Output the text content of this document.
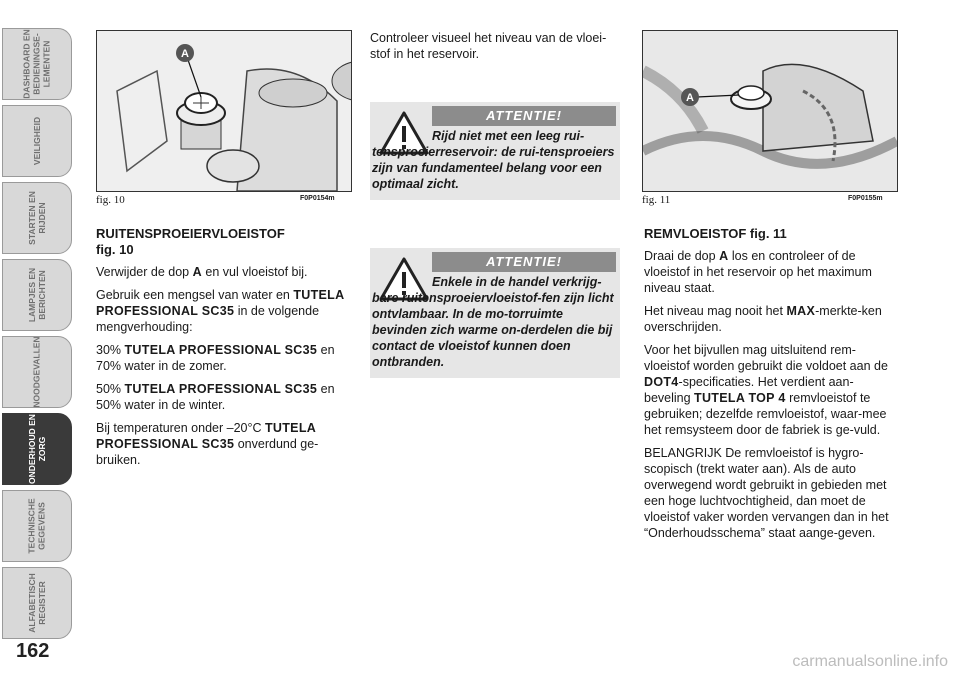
DASHBOARD EN
BEDIENINGSE-
LEMENTEN
VEILIGHEID
STARTEN EN
RIJDEN
LAMPJES EN
BERICHTEN
NOODGEVALLEN
ONDERHOUD EN
ZORG
TECHNISCHE
GEGEVENS
ALFABETISCH
REGISTER
162
A
fig. 10	F0P0154m
A
fig. 11	F0P0155m
RUITENSPROEIERVLOEISTOF
fig. 10

Verwijder de dop A en vul vloeistof bij.

Gebruik een mengsel van water en TUTELA PROFESSIONAL SC35 in de volgende mengverhouding:

30% TUTELA PROFESSIONAL SC35 en 70% water in de zomer.

50% TUTELA PROFESSIONAL SC35 en 50% water in de winter.

Bij temperaturen onder –20°C TUTELA PROFESSIONAL SC35 onverdund ge-bruiken.

Controleer visueel het niveau van de vloei-stof in het reservoir.
ATTENTIE!
Rijd niet met een leeg rui-tensproeierreservoir: de rui-tensproeiers zijn van fundamenteel belang voor een optimaal zicht.
ATTENTIE!
Enkele in de handel verkrijg-bare ruitensproeiervloeistof-fen zijn licht ontvlambaar. In de mo-torruimte bevinden zich warme on-derdelen die bij contact de vloeistof kunnen doen ontbranden.
REMVLOEISTOF fig. 11

Draai de dop A los en controleer of de vloeistof in het reservoir op het maximum niveau staat.

Het niveau mag nooit het MAX-merkte-ken overschrijden.

Voor het bijvullen mag uitsluitend rem-vloeistof worden gebruikt die voldoet aan de DOT4-specificaties. Het verdient aan-beveling TUTELA TOP 4 remvloeistof te gebruiken; dezelfde remvloeistof, waar-mee het remsysteem door de fabriek is ge-vuld.

BELANGRIJK De remvloeistof is hygro-scopisch (trekt water aan). Als de auto overwegend wordt gebruikt in gebieden met een hoge luchtvochtigheid, dan moet de vloeistof vaker worden vervangen dan in het “Onderhoudsschema” staat aange-geven.

carmanualsonline.info
